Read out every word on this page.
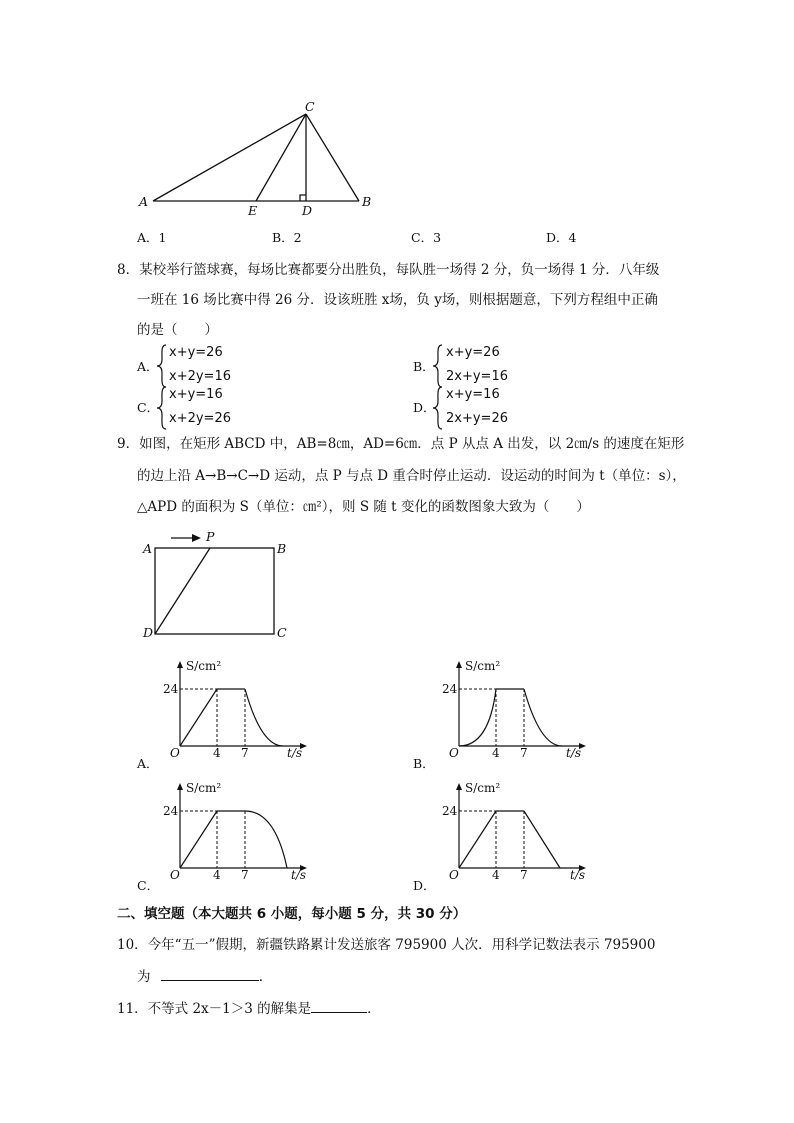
A	B
C
D
E
A．1	B．2	C．3	D．4
8．某校举行篮球赛，每场比赛都要分出胜负，每队胜一场得 2 分，负一场得 1 分．八年级
一班在 16 场比赛中得 26 分．设该班胜 x场，负 y场，则根据题意，下列方程组中正确
的是（　　）
A．
x+y=26
x+2y=16
B．
x+y=26
2x+y=16
C．
x+y=16
x+2y=26
D．
x+y=16
2x+y=26
9．如图，在矩形 ABCD 中，AB=8㎝，AD=6㎝．点 P 从点 A 出发，以 2㎝/s 的速度在矩形
的边上沿 A→B→C→D 运动，点 P 与点 D 重合时停止运动．设运动的时间为 t（单位：s），
△APD 的面积为 S（单位：㎝²），则 S 随 t 变化的函数图象大致为（　　）
A	B
C
D
P
S/cm²
24
O	4 7	t/s
A．
S/cm²
24
O	4 7	t/s
B．
S/cm²
24
O	4 7	t/s
C．
S/cm²
24
O	4 7	t/s
D．
二、填空题（本大题共 6 小题，每小题 5 分，共 30 分）
10．今年“五一”假期，新疆铁路累计发送旅客 795900 人次．用科学记数法表示 795900
为	．
11．不等式 2x－1＞3 的解集是	．
